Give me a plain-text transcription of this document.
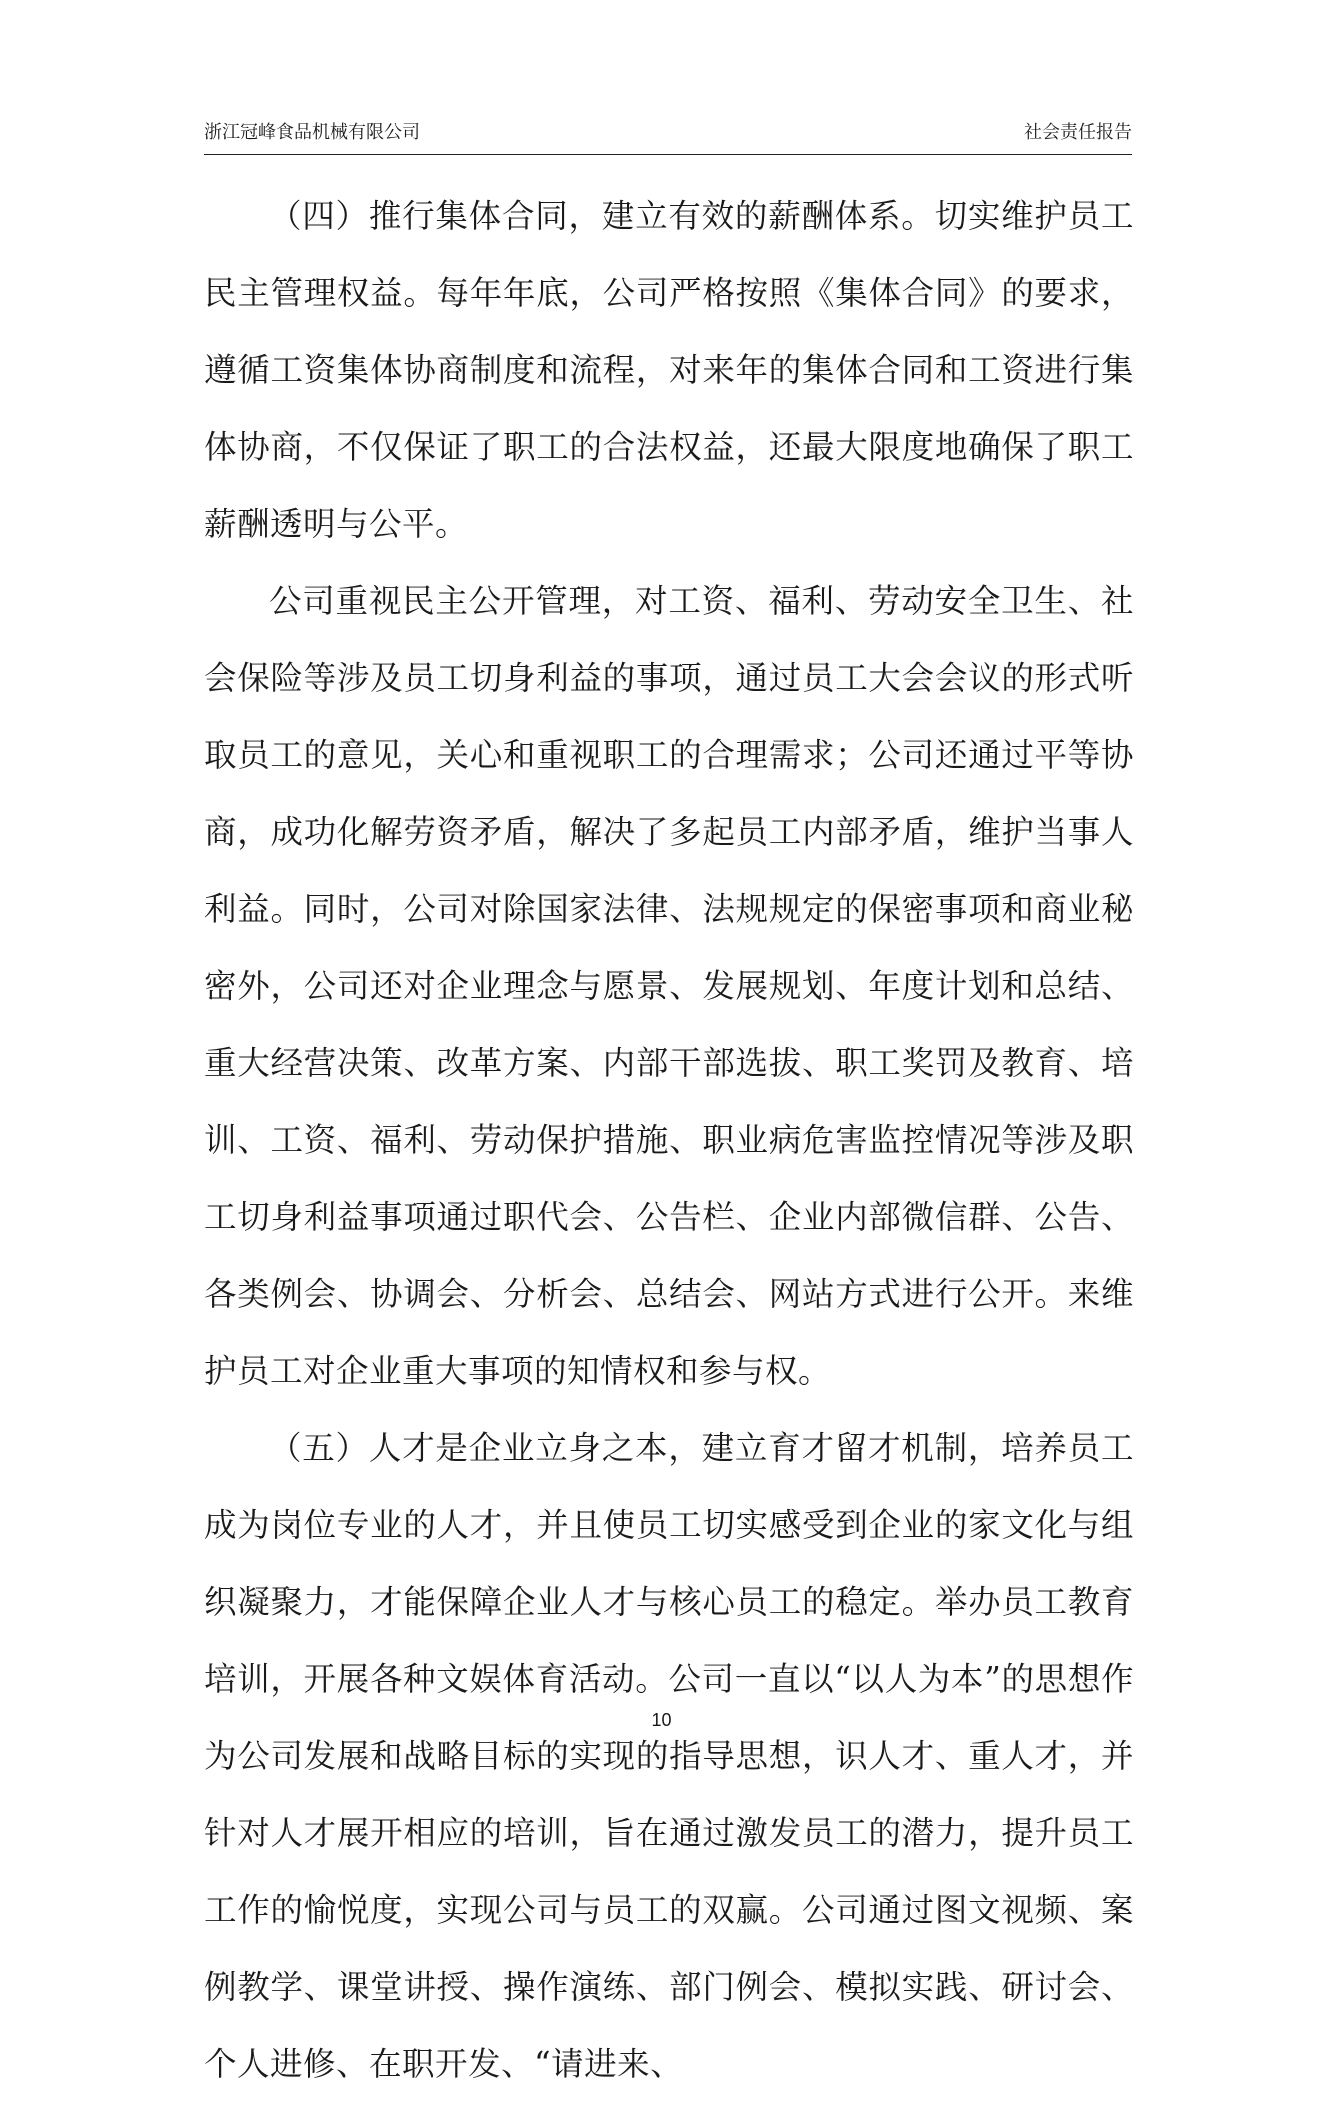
浙江冠峰食品机械有限公司	社会责任报告

（四）推行集体合同，建立有效的薪酬体系。切实维护员工民主管理权益。每年年底，公司严格按照《集体合同》的要求，遵循工资集体协商制度和流程，对来年的集体合同和工资进行集体协商，不仅保证了职工的合法权益，还最大限度地确保了职工薪酬透明与公平。

公司重视民主公开管理，对工资、福利、劳动安全卫生、社会保险等涉及员工切身利益的事项，通过员工大会会议的形式听取员工的意见，关心和重视职工的合理需求；公司还通过平等协商，成功化解劳资矛盾，解决了多起员工内部矛盾，维护当事人利益。同时，公司对除国家法律、法规规定的保密事项和商业秘密外，公司还对企业理念与愿景、发展规划、年度计划和总结、重大经营决策、改革方案、内部干部选拔、职工奖罚及教育、培训、工资、福利、劳动保护措施、职业病危害监控情况等涉及职工切身利益事项通过职代会、公告栏、企业内部微信群、公告、各类例会、协调会、分析会、总结会、网站方式进行公开。来维护员工对企业重大事项的知情权和参与权。

（五）人才是企业立身之本，建立育才留才机制，培养员工成为岗位专业的人才，并且使员工切实感受到企业的家文化与组织凝聚力，才能保障企业人才与核心员工的稳定。举办员工教育培训，开展各种文娱体育活动。公司一直以“以人为本”的思想作为公司发展和战略目标的实现的指导思想，识人才、重人才，并针对人才展开相应的培训，旨在通过激发员工的潜力，提升员工工作的愉悦度，实现公司与员工的双赢。公司通过图文视频、案例教学、课堂讲授、操作演练、部门例会、模拟实践、研讨会、个人进修、在职开发、“请进来、

10
